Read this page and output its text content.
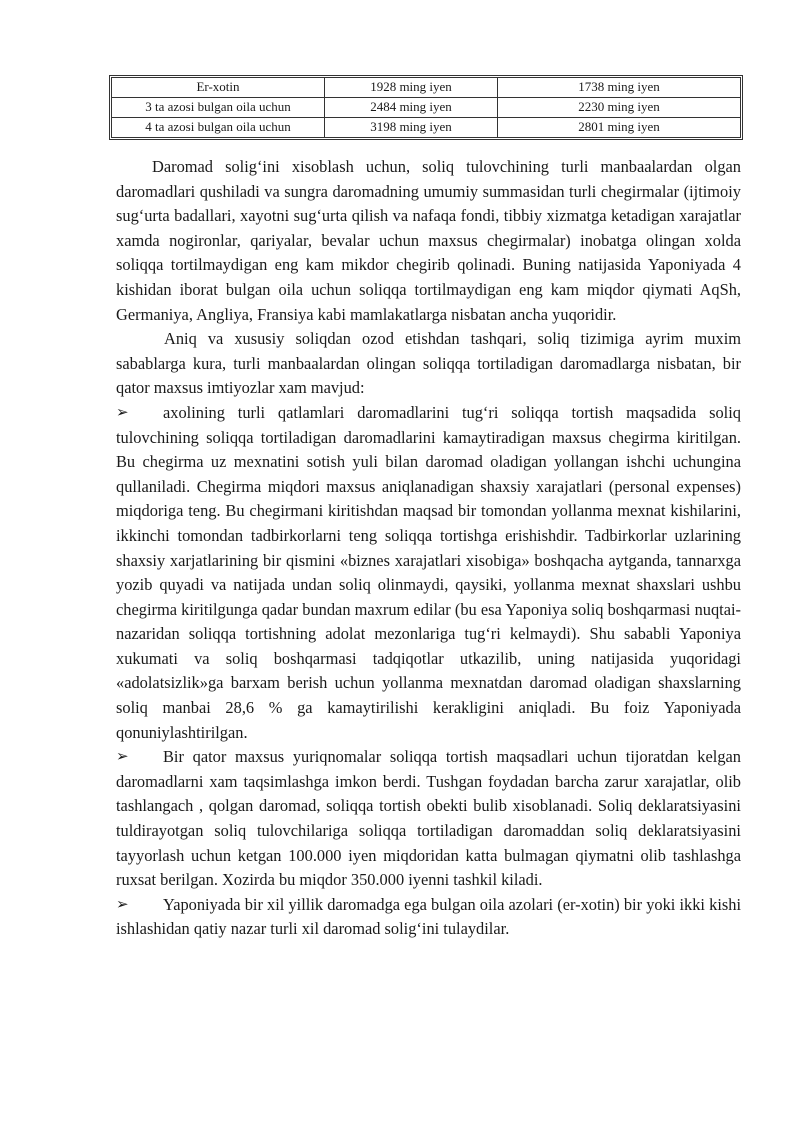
Er-xotin	1928 ming iyen	1738 ming iyen
3 ta azosi bulgan oila uchun	2484 ming iyen	2230 ming iyen
4 ta azosi bulgan oila uchun	3198 ming iyen	2801 ming iyen

Daromad solig‘ini xisoblash uchun, soliq tulovchining turli manbaalardan olgan daromadlari qushiladi va sungra daromadning umumiy summasidan turli chegirmalar (ijtimoiy sug‘urta badallari, xayotni sug‘urta qilish va nafaqa fondi, tibbiy xizmatga ketadigan xarajatlar xamda nogironlar, qariyalar, bevalar uchun maxsus chegirmalar) inobatga olingan xolda soliqqa tortilmaydigan eng kam mikdor chegirib qolinadi. Buning natijasida Yaponiyada 4 kishidan iborat bulgan oila uchun soliqqa tortilmaydigan eng kam miqdor qiymati AqSh, Germaniya, Angliya, Fransiya kabi mamlakatlarga nisbatan ancha yuqoridir.

Aniq va xususiy soliqdan ozod etishdan tashqari, soliq tizimiga ayrim muxim sabablarga kura, turli manbaalardan olingan soliqqa tortiladigan daromadlarga nisbatan, bir qator maxsus imtiyozlar xam mavjud:

➢ axolining turli qatlamlari daromadlarini tug‘ri soliqqa tortish maqsadida soliq tulovchining soliqqa tortiladigan daromadlarini kamaytiradigan maxsus chegirma kiritilgan. Bu chegirma uz mexnatini sotish yuli bilan daromad oladigan yollangan ishchi uchungina qullaniladi. Chegirma miqdori maxsus aniqlanadigan shaxsiy xarajatlari (personal expenses) miqdoriga teng. Bu chegirmani kiritishdan maqsad bir tomondan yollanma mexnat kishilarini, ikkinchi tomondan tadbirkorlarni teng soliqqa tortishga erishishdir. Tadbirkorlar uzlarining shaxsiy xarjatlarining bir qismini «biznes xarajatlari xisobiga» boshqacha aytganda, tannarxga yozib quyadi va natijada undan soliq olinmaydi, qaysiki, yollanma mexnat shaxslari ushbu chegirma kiritilgunga qadar bundan maxrum edilar (bu esa Yaponiya soliq boshqarmasi nuqtai-nazaridan soliqqa tortishning adolat mezonlariga tug‘ri kelmaydi). Shu sababli Yaponiya xukumati va soliq boshqarmasi tadqiqotlar utkazilib, uning natijasida yuqoridagi «adolatsizlik»ga barxam berish uchun yollanma mexnatdan daromad oladigan shaxslarning soliq manbai 28,6 % ga kamaytirilishi kerakligini aniqladi. Bu foiz Yaponiyada qonuniylashtirilgan.

➢ Bir qator maxsus yuriqnomalar soliqqa tortish maqsadlari uchun tijoratdan kelgan daromadlarni xam taqsimlashga imkon berdi. Tushgan foydadan barcha zarur xarajatlar, olib tashlangach , qolgan daromad, soliqqa tortish obekti bulib xisoblanadi. Soliq deklaratsiyasini tuldirayotgan soliq tulovchilariga soliqqa tortiladigan daromaddan soliq deklaratsiyasini tayyorlash uchun ketgan 100.000 iyen miqdoridan katta bulmagan qiymatni olib tashlashga ruxsat berilgan. Xozirda bu miqdor 350.000 iyenni tashkil kiladi.

➢ Yaponiyada bir xil yillik daromadga ega bulgan oila azolari (er-xotin) bir yoki ikki kishi ishlashidan qatiy nazar turli xil daromad solig‘ini tulaydilar.
